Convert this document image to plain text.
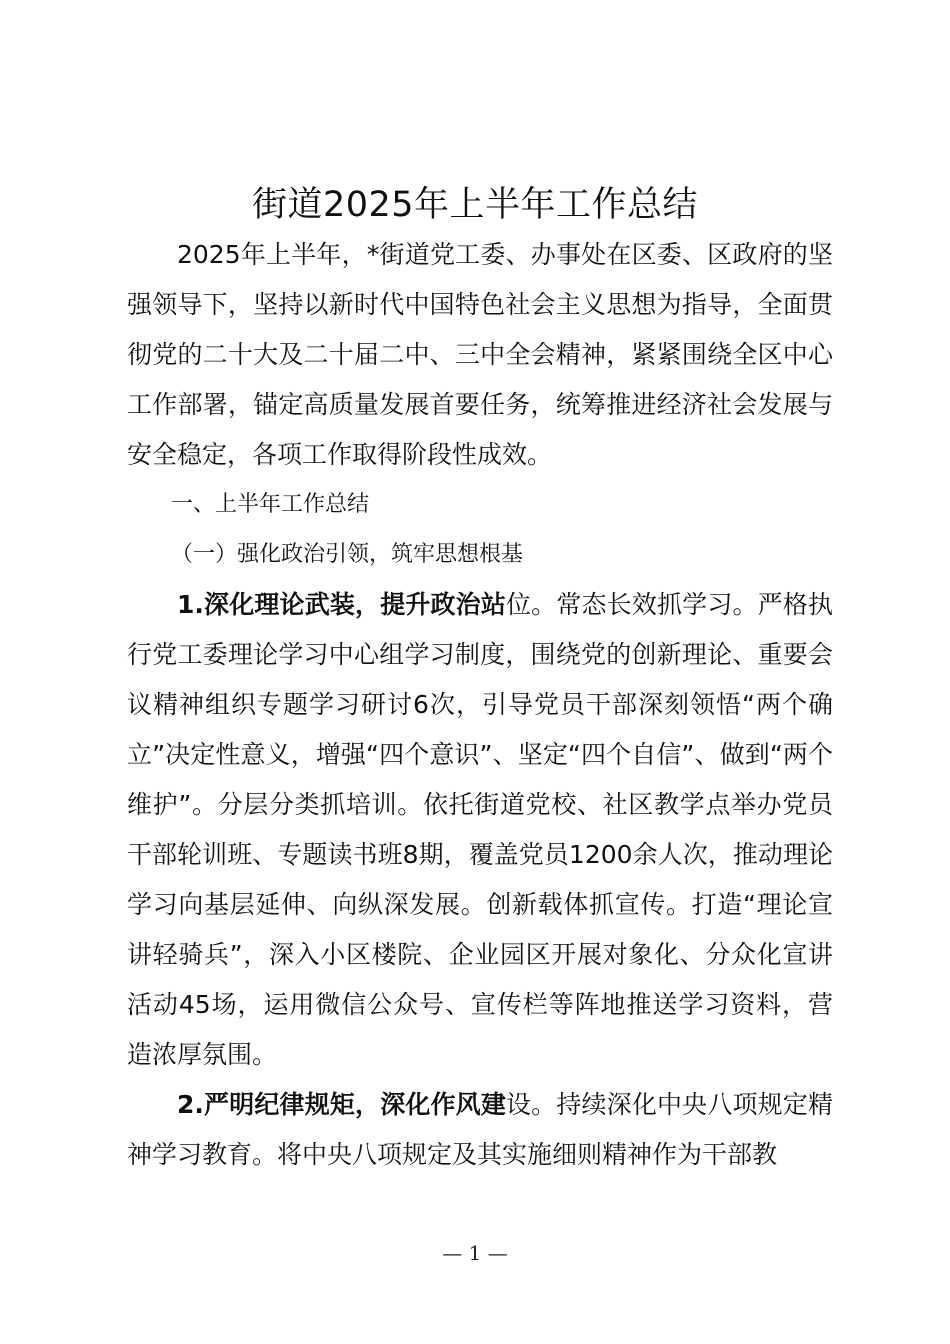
街道2025年上半年工作总结

2025年上半年，*街道党工委、办事处在区委、区政府的坚强领导下，坚持以新时代中国特色社会主义思想为指导，全面贯彻党的二十大及二十届二中、三中全会精神，紧紧围绕全区中心工作部署，锚定高质量发展首要任务，统筹推进经济社会发展与安全稳定，各项工作取得阶段性成效。

一、上半年工作总结

（一）强化政治引领，筑牢思想根基

1.深化理论武装，提升政治站位。常态长效抓学习。严格执行党工委理论学习中心组学习制度，围绕党的创新理论、重要会议精神组织专题学习研讨6次，引导党员干部深刻领悟“两个确立”决定性意义，增强“四个意识”、坚定“四个自信”、做到“两个维护”。分层分类抓培训。依托街道党校、社区教学点举办党员干部轮训班、专题读书班8期，覆盖党员1200余人次，推动理论学习向基层延伸、向纵深发展。创新载体抓宣传。打造“理论宣讲轻骑兵”，深入小区楼院、企业园区开展对象化、分众化宣讲活动45场，运用微信公众号、宣传栏等阵地推送学习资料，营造浓厚氛围。

2.严明纪律规矩，深化作风建设。持续深化中央八项规定精神学习教育。将中央八项规定及其实施细则精神作为干部教

— 1 —
